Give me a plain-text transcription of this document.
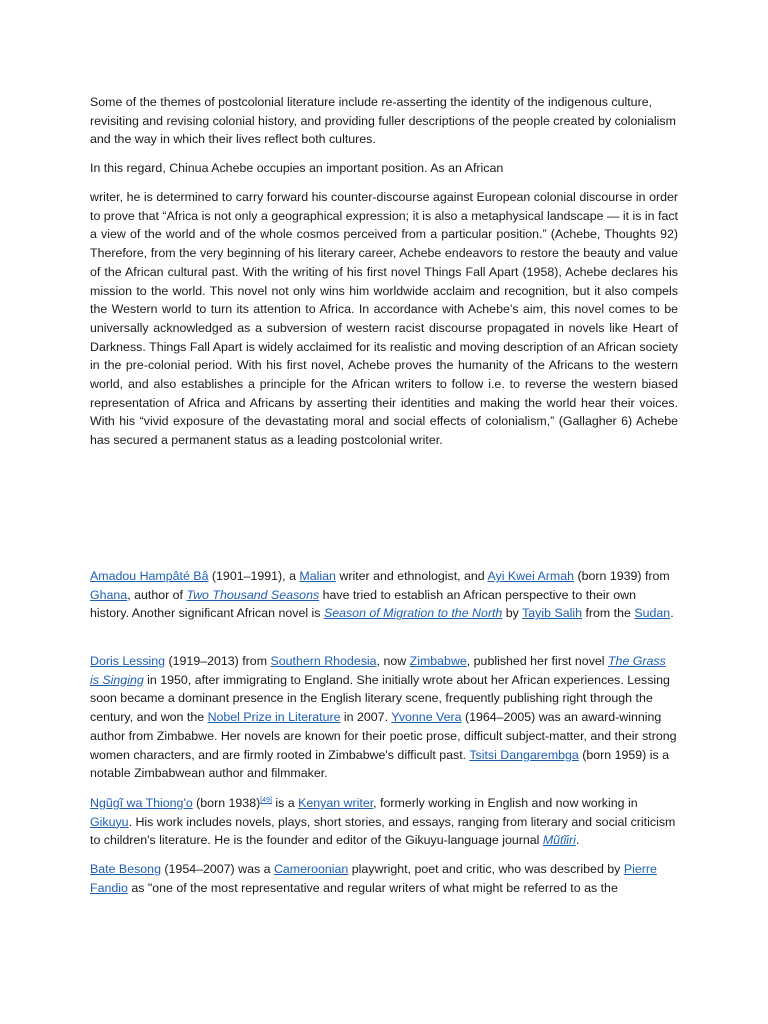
Some of the themes of postcolonial literature include re-asserting the identity of the indigenous culture, revisiting and revising colonial history, and providing fuller descriptions of the people created by colonialism and the way in which their lives reflect both cultures.

In this regard, Chinua Achebe occupies an important position. As an African

writer, he is determined to carry forward his counter-discourse against European colonial discourse in order to prove that “Africa is not only a geographical expression; it is also a metaphysical landscape — it is in fact a view of the world and of the whole cosmos perceived from a particular position.” (Achebe, Thoughts 92) Therefore, from the very beginning of his literary career, Achebe endeavors to restore the beauty and value of the African cultural past. With the writing of his first novel Things Fall Apart (1958), Achebe declares his mission to the world. This novel not only wins him worldwide acclaim and recognition, but it also compels the Western world to turn its attention to Africa. In accordance with Achebe’s aim, this novel comes to be universally acknowledged as a subversion of western racist discourse propagated in novels like Heart of Darkness. Things Fall Apart is widely acclaimed for its realistic and moving description of an African society in the pre-colonial period. With his first novel, Achebe proves the humanity of the Africans to the western world, and also establishes a principle for the African writers to follow i.e. to reverse the western biased representation of Africa and Africans by asserting their identities and making the world hear their voices. With his “vivid exposure of the devastating moral and social effects of colonialism,” (Gallagher 6) Achebe has secured a permanent status as a leading postcolonial writer.

Amadou Hampâté Bâ (1901–1991), a Malian writer and ethnologist, and Ayi Kwei Armah (born 1939) from Ghana, author of Two Thousand Seasons have tried to establish an African perspective to their own history. Another significant African novel is Season of Migration to the North by Tayib Salih from the Sudan.

Doris Lessing (1919–2013) from Southern Rhodesia, now Zimbabwe, published her first novel The Grass is Singing in 1950, after immigrating to England. She initially wrote about her African experiences. Lessing soon became a dominant presence in the English literary scene, frequently publishing right through the century, and won the Nobel Prize in Literature in 2007. Yvonne Vera (1964–2005) was an award-winning author from Zimbabwe. Her novels are known for their poetic prose, difficult subject-matter, and their strong women characters, and are firmly rooted in Zimbabwe's difficult past. Tsitsi Dangarembga (born 1959) is a notable Zimbabwean author and filmmaker.

Ngũgĩ wa Thiong'o (born 1938)[49] is a Kenyan writer, formerly working in English and now working in Gikuyu. His work includes novels, plays, short stories, and essays, ranging from literary and social criticism to children's literature. He is the founder and editor of the Gikuyu-language journal Mũtĩiri.

Bate Besong (1954–2007) was a Cameroonian playwright, poet and critic, who was described by Pierre Fandio as "one of the most representative and regular writers of what might be referred to as the
